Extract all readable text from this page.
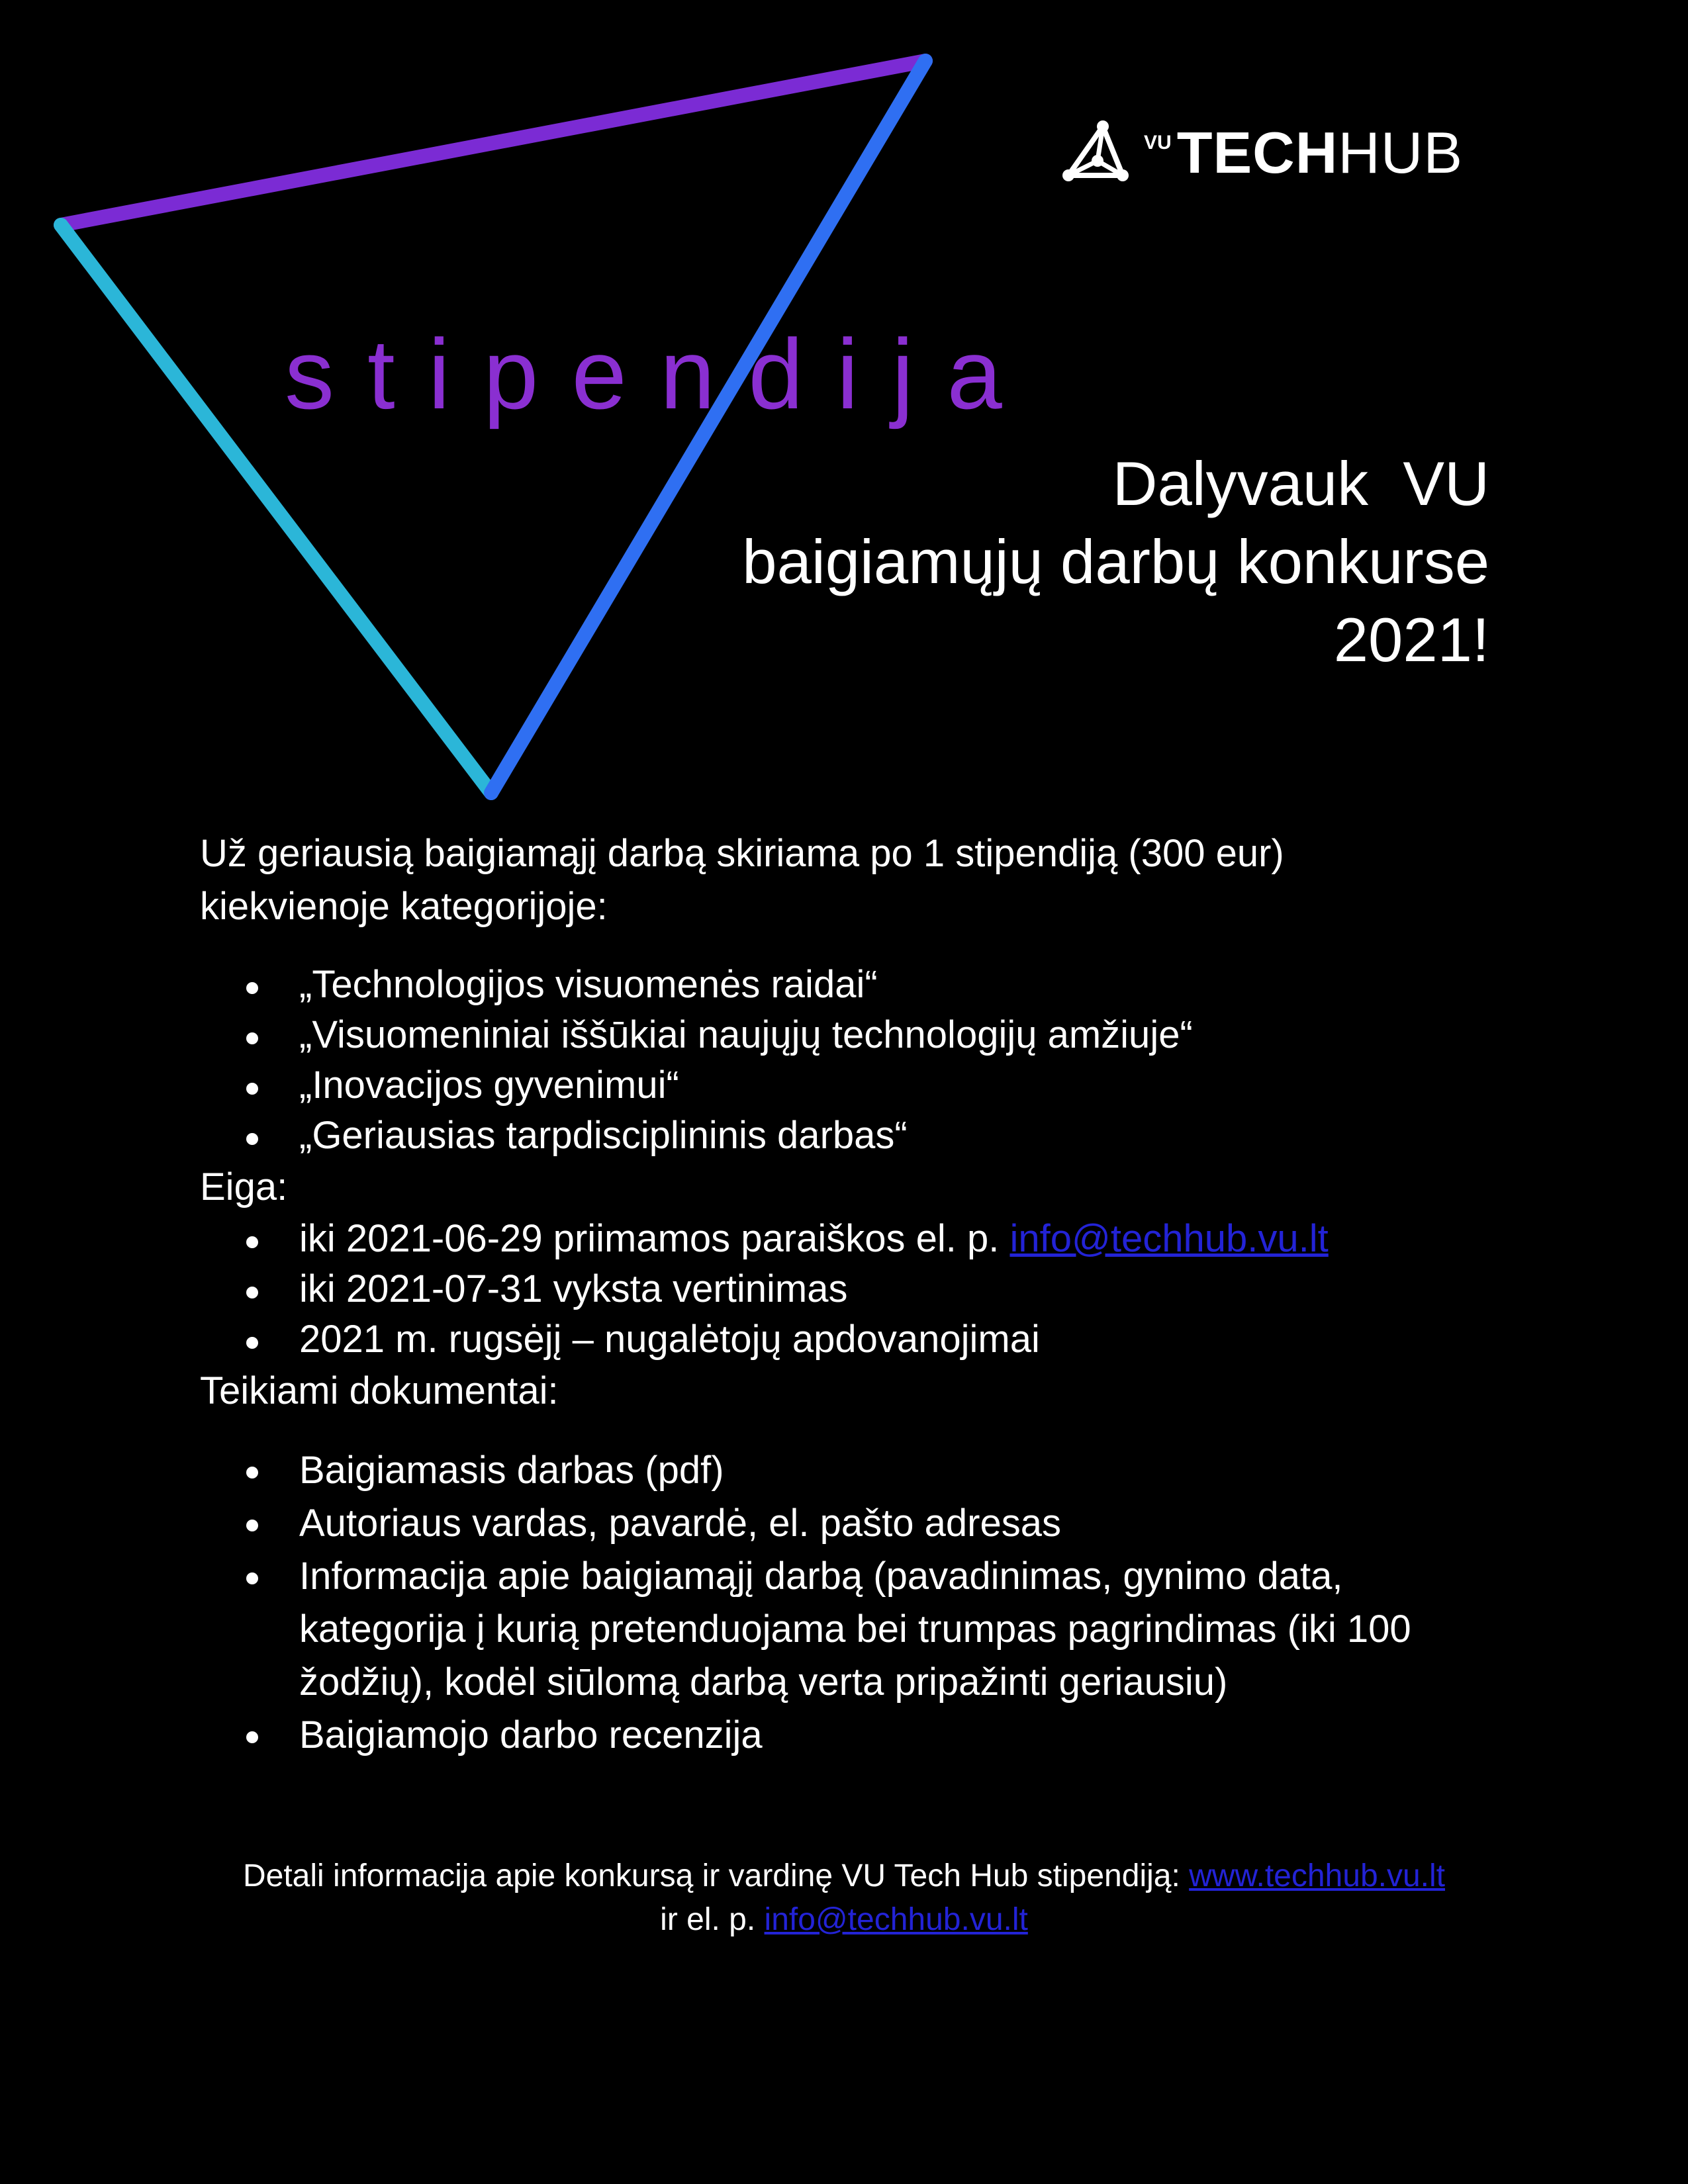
stipendija
VU TECH HUB
Dalyvauk  VU
baigiamųjų darbų konkurse
2021!

Už geriausią baigiamąjį darbą skiriama po 1 stipendiją (300 eur)
kiekvienoje kategorijoje:

„Technologijos visuomenės raidai“
„Visuomeniniai iššūkiai naujųjų technologijų amžiuje“
„Inovacijos gyvenimui“
„Geriausias tarpdisciplininis darbas“

Eiga:

iki 2021-06-29 priimamos paraiškos el. p. info@techhub.vu.lt
iki 2021-07-31 vyksta vertinimas
2021 m. rugsėjį – nugalėtojų apdovanojimai

Teikiami dokumentai:

Baigiamasis darbas (pdf)
Autoriaus vardas, pavardė, el. pašto adresas
Informacija apie baigiamąjį darbą (pavadinimas, gynimo data,
kategorija į kurią pretenduojama bei trumpas pagrindimas (iki 100
žodžių), kodėl siūlomą darbą verta pripažinti geriausiu)
Baigiamojo darbo recenzija
Detali informacija apie konkursą ir vardinę VU Tech Hub stipendiją: www.techhub.vu.lt
ir el. p. info@techhub.vu.lt
